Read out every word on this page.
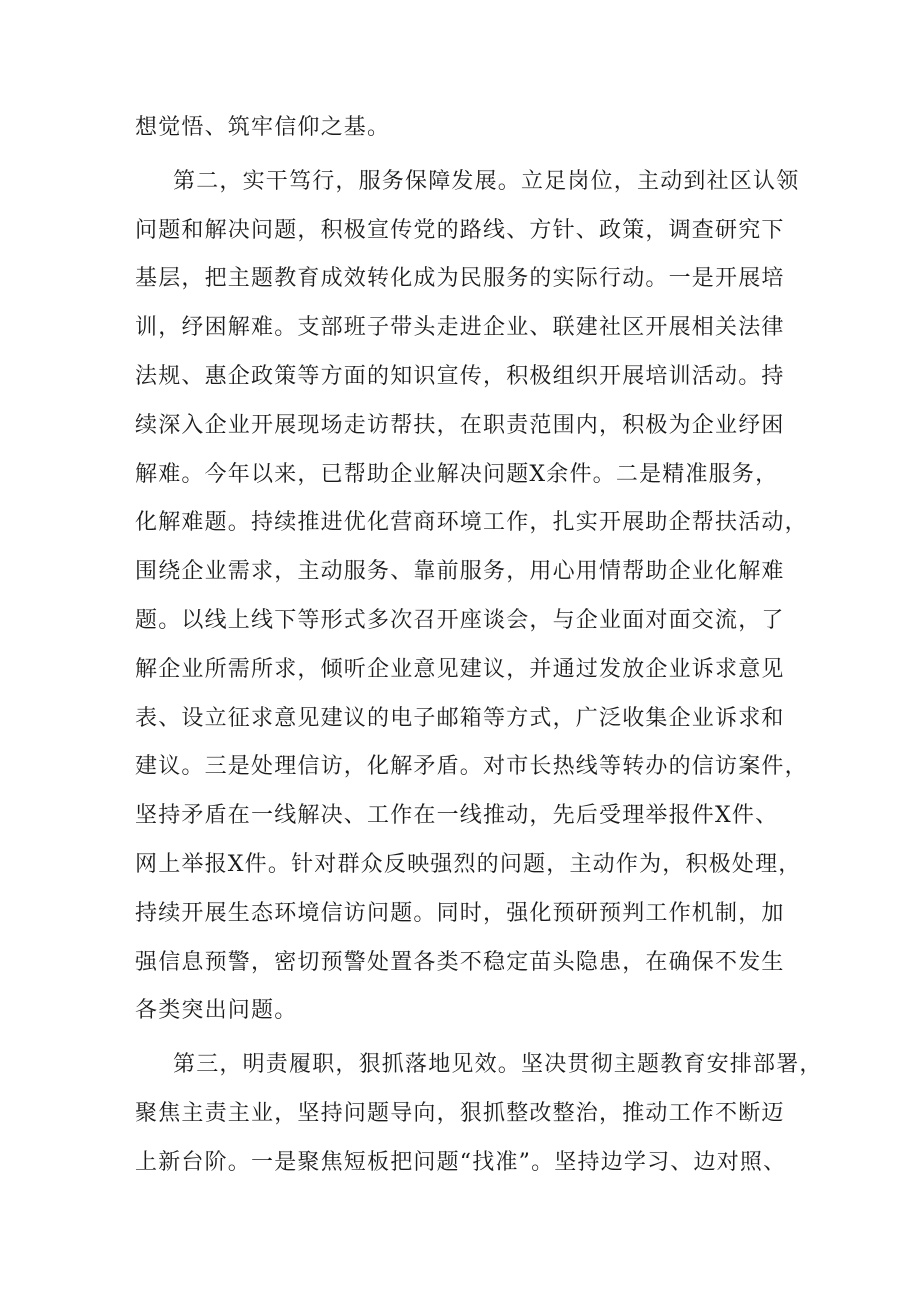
想觉悟、筑牢信仰之基。
第二，实干笃行，服务保障发展。立足岗位，主动到社区认领
问题和解决问题，积极宣传党的路线、方针、政策，调查研究下
基层，把主题教育成效转化成为民服务的实际行动。一是开展培
训，纾困解难。支部班子带头走进企业、联建社区开展相关法律
法规、惠企政策等方面的知识宣传，积极组织开展培训活动。持
续深入企业开展现场走访帮扶，在职责范围内，积极为企业纾困
解难。今年以来，已帮助企业解决问题X余件。二是精准服务，
化解难题。持续推进优化营商环境工作，扎实开展助企帮扶活动，
围绕企业需求，主动服务、靠前服务，用心用情帮助企业化解难
题。以线上线下等形式多次召开座谈会，与企业面对面交流，了
解企业所需所求，倾听企业意见建议，并通过发放企业诉求意见
表、设立征求意见建议的电子邮箱等方式，广泛收集企业诉求和
建议。三是处理信访，化解矛盾。对市长热线等转办的信访案件，
坚持矛盾在一线解决、工作在一线推动，先后受理举报件X件、
网上举报X件。针对群众反映强烈的问题，主动作为，积极处理，
持续开展生态环境信访问题。同时，强化预研预判工作机制，加
强信息预警，密切预警处置各类不稳定苗头隐患，在确保不发生
各类突出问题。
第三，明责履职，狠抓落地见效。坚决贯彻主题教育安排部署，
聚焦主责主业，坚持问题导向，狠抓整改整治，推动工作不断迈
上新台阶。一是聚焦短板把问题“找准”。坚持边学习、边对照、
